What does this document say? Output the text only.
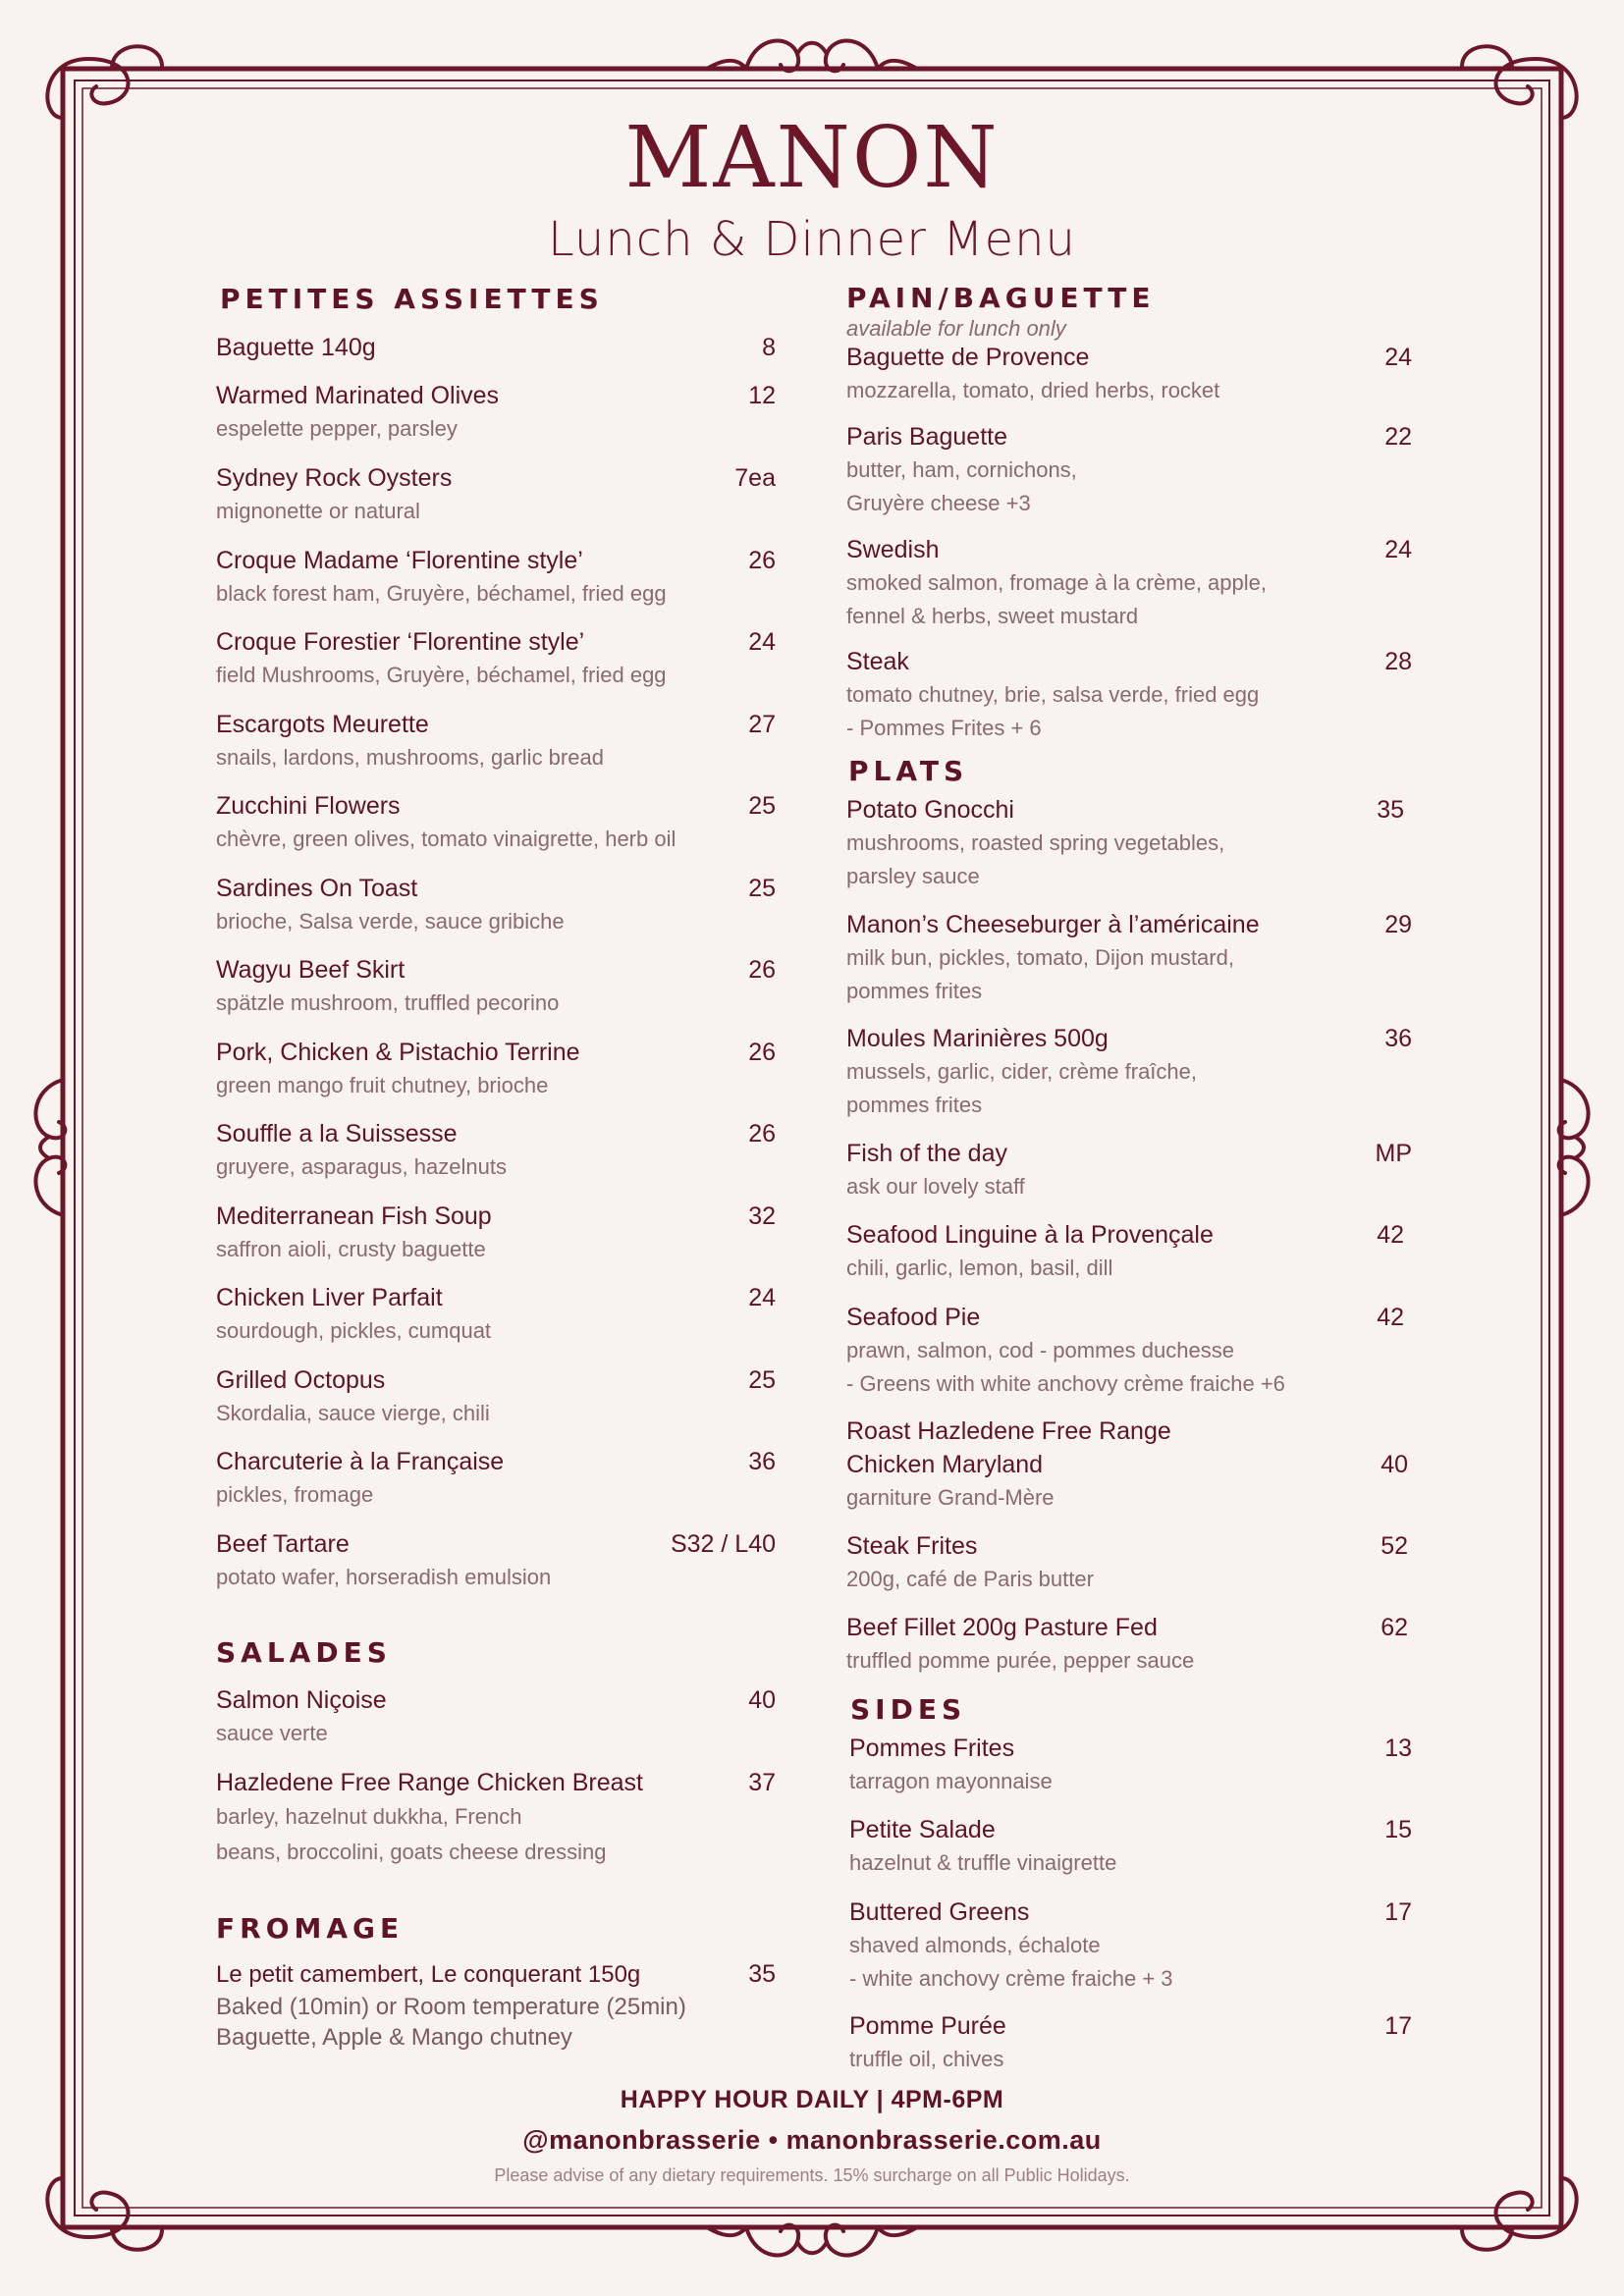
MANON
Lunch & Dinner Menu
PETITES ASSIETTES
Baguette 140g	8
Warmed Marinated Olives	12
espelette pepper, parsley
Sydney Rock Oysters	7ea
mignonette or natural
Croque Madame ‘Florentine style’	26
black forest ham, Gruyère, béchamel, fried egg
Croque Forestier ‘Florentine style’	24
field Mushrooms, Gruyère, béchamel, fried egg
Escargots Meurette	27
snails, lardons, mushrooms, garlic bread
Zucchini Flowers	25
chèvre, green olives, tomato vinaigrette, herb oil
Sardines On Toast	25
brioche, Salsa verde, sauce gribiche
Wagyu Beef Skirt	26
spätzle mushroom, truffled pecorino
Pork, Chicken & Pistachio Terrine	26
green mango fruit chutney, brioche
Souffle a la Suissesse	26
gruyere, asparagus, hazelnuts
Mediterranean Fish Soup	32
saffron aioli, crusty baguette
Chicken Liver Parfait	24
sourdough, pickles, cumquat
Grilled Octopus	25
Skordalia, sauce vierge, chili
Charcuterie à la Française	36
pickles, fromage
Beef Tartare	S32 / L40
potato wafer, horseradish emulsion
SALADES
Salmon Niçoise	40
sauce verte
Hazledene Free Range Chicken Breast	37
barley, hazelnut dukkha, French
beans, broccolini, goats cheese dressing
FROMAGE
Le petit camembert, Le conquerant 150g	35
Baked (10min) or Room temperature (25min)
Baguette, Apple & Mango chutney
PAIN/BAGUETTE
available for lunch only
Baguette de Provence	24
mozzarella, tomato, dried herbs, rocket
Paris Baguette	22
butter, ham, cornichons,
Gruyère cheese +3
Swedish	24
smoked salmon, fromage à la crème, apple,
fennel & herbs, sweet mustard
Steak	28
tomato chutney, brie, salsa verde, fried egg
- Pommes Frites + 6
PLATS
Potato Gnocchi	35
mushrooms, roasted spring vegetables,
parsley sauce
Manon’s Cheeseburger à l’américaine	29
milk bun, pickles, tomato, Dijon mustard,
pommes frites
Moules Marinières 500g	36
mussels, garlic, cider, crème fraîche,
pommes frites
Fish of the day	MP
ask our lovely staff
Seafood Linguine à la Provençale	42
chili, garlic, lemon, basil, dill
Seafood Pie	42
prawn, salmon, cod - pommes duchesse
- Greens with white anchovy crème fraiche +6
Roast Hazledene Free Range
Chicken Maryland	40
garniture Grand-Mère
Steak Frites	52
200g, café de Paris butter
Beef Fillet 200g Pasture Fed	62
truffled pomme purée, pepper sauce
SIDES
Pommes Frites	13
tarragon mayonnaise
Petite Salade	15
hazelnut & truffle vinaigrette
Buttered Greens	17
shaved almonds, échalote
- white anchovy crème fraiche + 3
Pomme Purée	17
truffle oil, chives
HAPPY HOUR DAILY | 4PM-6PM
@manonbrasserie • manonbrasserie.com.au
Please advise of any dietary requirements. 15% surcharge on all Public Holidays.
